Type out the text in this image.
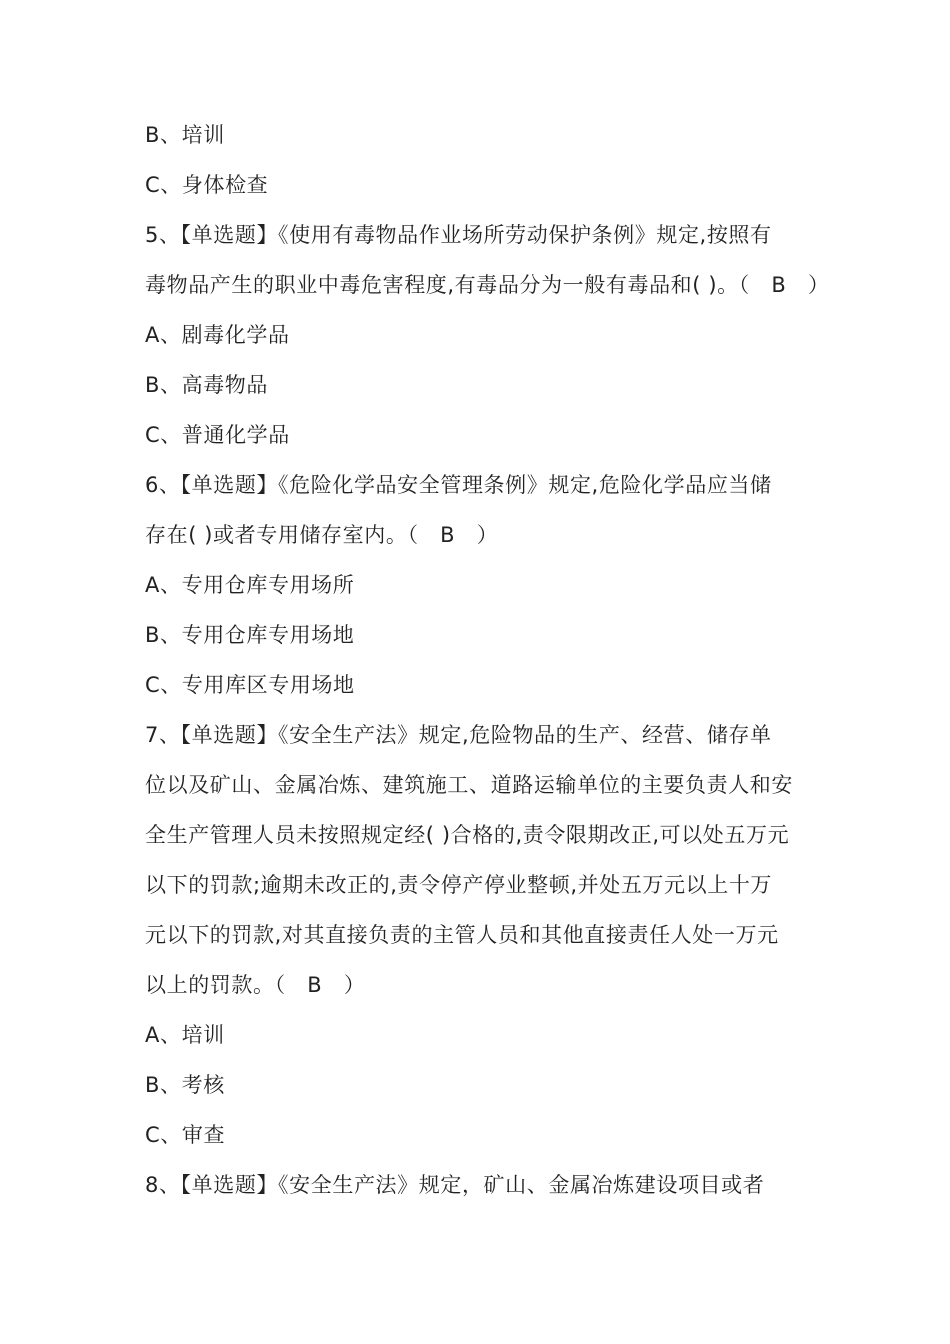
B、培训
C、身体检查
5、【单选题】《使用有毒物品作业场所劳动保护条例》规定,按照有
毒物品产生的职业中毒危害程度,有毒品分为一般有毒品和( )。（　B　）
A、剧毒化学品
B、高毒物品
C、普通化学品
6、【单选题】《危险化学品安全管理条例》规定,危险化学品应当储
存在( )或者专用储存室内。（　B　）
A、专用仓库专用场所
B、专用仓库专用场地
C、专用库区专用场地
7、【单选题】《安全生产法》规定,危险物品的生产、经营、储存单
位以及矿山、金属冶炼、建筑施工、道路运输单位的主要负责人和安
全生产管理人员未按照规定经( )合格的,责令限期改正,可以处五万元
以下的罚款;逾期未改正的,责令停产停业整顿,并处五万元以上十万
元以下的罚款,对其直接负责的主管人员和其他直接责任人处一万元
以上的罚款。（　B　）
A、培训
B、考核
C、审查
8、【单选题】《安全生产法》规定，矿山、金属冶炼建设项目或者
